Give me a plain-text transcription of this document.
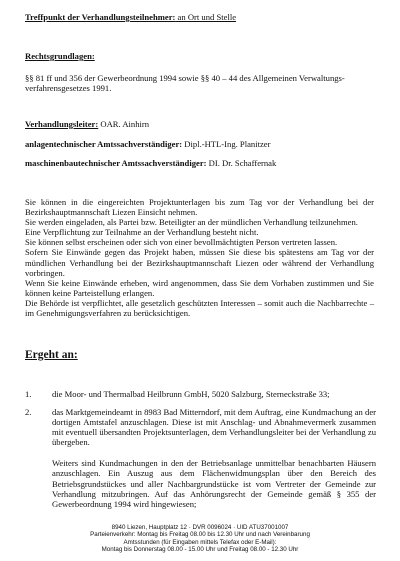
Treffpunkt der Verhandlungsteilnehmer: an Ort und Stelle
Rechtsgrundlagen:
§§ 81 ff und 356 der Gewerbeordnung 1994 sowie §§ 40 – 44 des Allgemeinen Verwaltungs-
verfahrensgesetzes 1991.
Verhandlungsleiter: OAR. Ainhirn
anlagentechnischer Amtssachverständiger: Dipl.-HTL-Ing. Planitzer
maschinenbautechnischer Amtssachverständiger: DI. Dr. Schaffernak

Sie können in die eingereichten Projektunterlagen bis zum Tag vor der Verhandlung bei der Bezirkshauptmannschaft Liezen Einsicht nehmen.

Sie werden eingeladen, als Partei bzw. Beteiligter an der mündlichen Verhandlung teilzunehmen.

Eine Verpflichtung zur Teilnahme an der Verhandlung besteht nicht.

Sie können selbst erscheinen oder sich von einer bevollmächtigten Person vertreten lassen.

Sofern Sie Einwände gegen das Projekt haben, müssen Sie diese bis spätestens am Tag vor der mündlichen Verhandlung bei der Bezirkshauptmannschaft Liezen oder während der Verhandlung vorbringen.

Wenn Sie keine Einwände erheben, wird angenommen, dass Sie dem Vorhaben zustimmen und Sie können keine Parteistellung erlangen.

Die Behörde ist verpflichtet, alle gesetzlich geschützten Interessen – somit auch die Nachbarrechte – im Genehmigungsverfahren zu berücksichtigen.

Ergeht an:
1. die Moor- und Thermalbad Heilbrunn GmbH, 5020 Salzburg, Sterneckstraße 33;

2. das Marktgemeindeamt in 8983 Bad Mitterndorf, mit dem Auftrag, eine Kundmachung an der dortigen Amtstafel anzuschlagen. Diese ist mit Anschlag- und Abnahmevermerk zusammen mit eventuell übersandten Projektsunterlagen, dem Verhandlungsleiter bei der Verhandlung zu übergeben.

Weiters sind Kundmachungen in den der Betriebsanlage unmittelbar benachbarten Häusern anzuschlagen. Ein Auszug aus dem Flächenwidmungsplan über den Bereich des Betriebsgrundstückes und aller Nachbargrundstücke ist vom Vertreter der Gemeinde zur Verhandlung mitzubringen. Auf das Anhörungsrecht der Gemeinde gemäß § 355 der Gewerbeordnung 1994 wird hingewiesen;

8940 Liezen, Hauptplatz 12 · DVR 0096024 · UID ATU37001007
Parteienverkehr: Montag bis Freitag 08.00 bis 12.30 Uhr und nach Vereinbarung
Amtsstunden (für Eingaben mittels Telefax oder E-Mail):
Montag bis Donnerstag 08.00 - 15.00 Uhr und Freitag 08.00 - 12.30 Uhr
